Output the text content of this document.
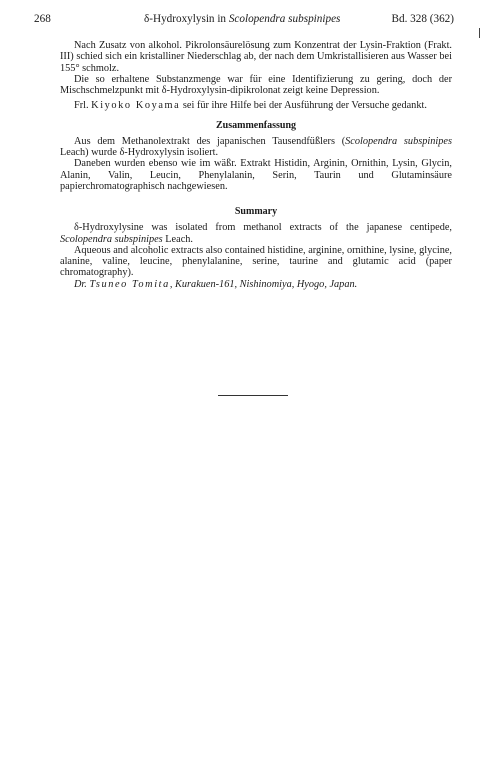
268	δ-Hydroxylysin in Scolopendra subspinipes	Bd. 328 (362)

Nach Zusatz von alkohol. Pikrolonsäurelösung zum Konzentrat der Lysin-Fraktion (Frakt. III) schied sich ein kristalliner Niederschlag ab, der nach dem Umkristallisieren aus Wasser bei 155° schmolz.

Die so erhaltene Substanzmenge war für eine Identifizierung zu gering, doch der Mischschmelzpunkt mit δ-Hydroxylysin-dipikrolonat zeigt keine Depression.

Frl. Kiyoko Koyama sei für ihre Hilfe bei der Ausführung der Versuche gedankt.

Zusammenfassung

Aus dem Methanolextrakt des japanischen Tausendfüßlers (Scolopendra subspinipes Leach) wurde δ-Hydroxylysin isoliert.

Daneben wurden ebenso wie im wäßr. Extrakt Histidin, Arginin, Ornithin, Lysin, Glycin, Alanin, Valin, Leucin, Phenylalanin, Serin, Taurin und Glutaminsäure papierchromatographisch nachgewiesen.

Summary

δ-Hydroxylysine was isolated from methanol extracts of the japanese centipede, Scolopendra subspinipes Leach.

Aqueous and alcoholic extracts also contained histidine, arginine, ornithine, lysine, glycine, alanine, valine, leucine, phenylalanine, serine, taurine and glutamic acid (paper chromatography).

Dr. Tsuneo Tomita, Kurakuen-161, Nishinomiya, Hyogo, Japan.
